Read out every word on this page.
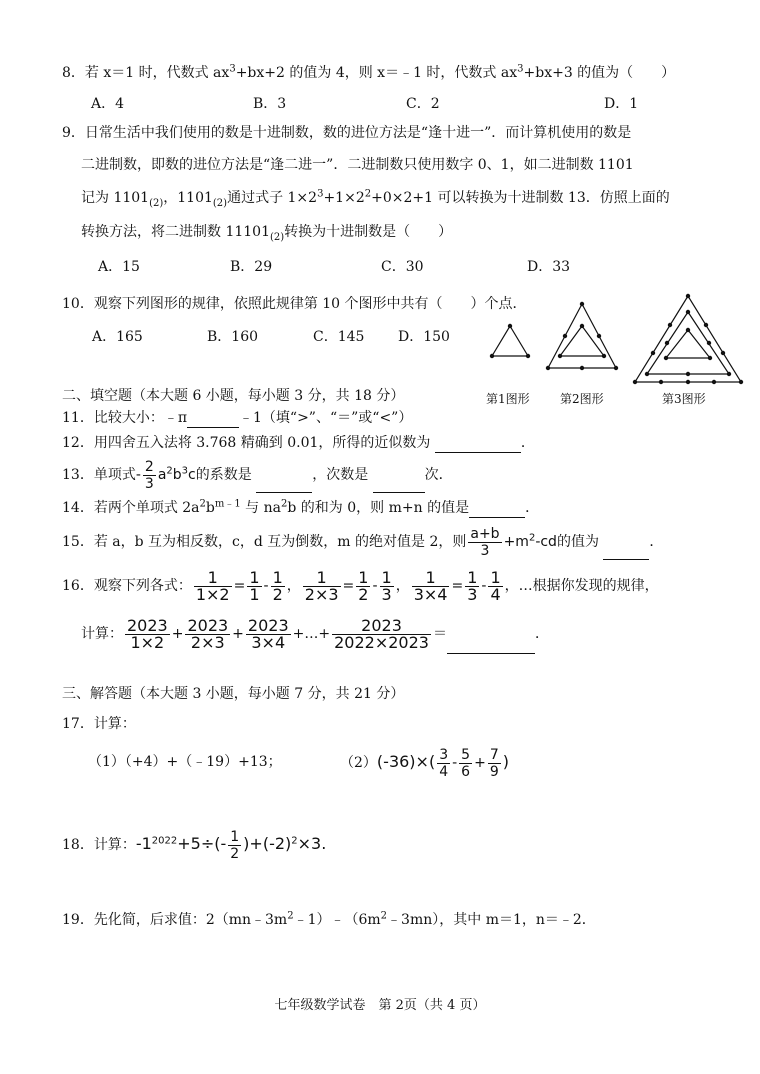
8．若 x＝1 时，代数式 $ax^3+bx+2$ 的值为 4，则 x＝﹣1 时，代数式 $ax^3+bx+3$ 的值为（　　）
A．4	B．3	C．2	D．1
9．日常生活中我们使用的数是十进制数，数的进位方法是“逢十进一”．而计算机使用的数是
二进制数，即数的进位方法是“逢二进一”．二进制数只使用数字 0、1，如二进制数 1101
记为 $1101_{(2)}$，$1101_{(2)}$通过式子 $1\times 2^3+1\times 2^2+0\times 2+1$ 可以转换为十进制数 13．仿照上面的
转换方法，将二进制数 $11101_{(2)}$转换为十进制数是（　　）
A．15	B．29	C．30	D．33
10．观察下列图形的规律，依照此规律第 10 个图形中共有（　　）个点．
A．165	B．160	C．145 D．150
第1图形	第2图形	第3图形
二、填空题（本大题 6 小题，每小题 3 分，共 18 分）
11．比较大小：﹣π	﹣1（填“>”、“＝”或“<”）
12．用四舍五入法将 3.768 精确到 0.01，所得的近似数为	．
13．单项式- $\frac{2}{3} a^2b^3c$的系数是	，次数是	次．
14．若两个单项式 $2a^2b^{m﹣1}$ 与 $na^2b$ 的和为 0，则 m+n 的值是	．
15．若 a，b 互为相反数，c，d 互为倒数，m 的绝对值是 2，则 $\frac{a+b}{3} +m^2-cd$的值为	．
16．观察下列各式： $\frac{1}{1\times 2} = \frac{1}{1} - \frac{1}{2}$ ， $\frac{1}{2\times 3} = \frac{1}{2} - \frac{1}{3}$ ， $\frac{1}{3\times 4} = \frac{1}{3} - \frac{1}{4}$ ，…根据你发现的规律，
计算： $\frac{2023}{1\times 2} + \frac{2023}{2\times 3} + \frac{2023}{3\times 4}$ +…+ $\frac{2023}{2022\times 2023}$ ＝	．
三、解答题（本大题 3 小题，每小题 7 分，共 21 分）
17．计算：
（1）（+4）+（﹣19）+13；	$(2)(-36)\times( \frac{3}{4} - \frac{5}{6} + \frac{7}{9}$ )
18．计算：$-1^{2022}+5\div(- \frac{1}{2} )+(-2)^2\times 3$.
19．先化简，后求值：$2(mn﹣3m^2﹣1)﹣(6m^2﹣3mn)$，其中 m＝1，n＝﹣2．
七年级数学试卷　第 2页（共 4 页）
